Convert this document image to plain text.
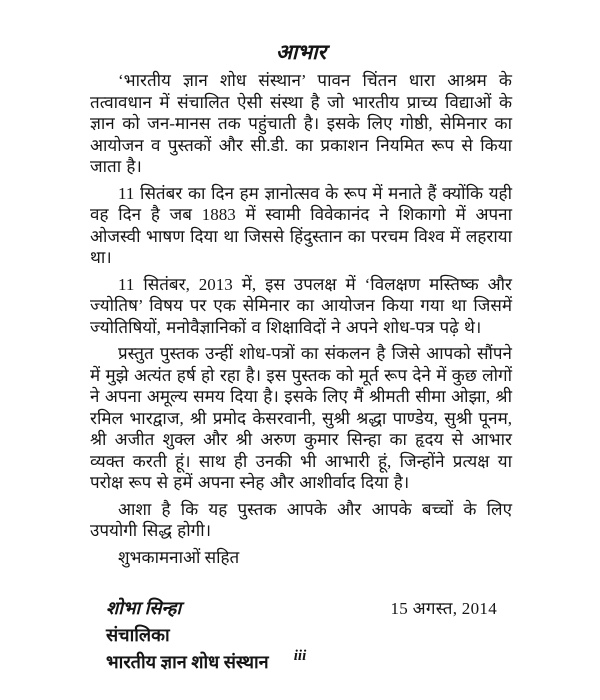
आभार

‘भारतीय ज्ञान शोध संस्थान’ पावन चिंतन धारा आश्रम के तत्वावधान में संचालित ऐसी संस्था है जो भारतीय प्राच्य विद्याओं के ज्ञान को जन-मानस तक पहुंचाती है। इसके लिए गोष्ठी, सेमिनार का आयोजन व पुस्तकों और सी.डी. का प्रकाशन नियमित रूप से किया जाता है।

11 सितंबर का दिन हम ज्ञानोत्सव के रूप में मनाते हैं क्योंकि यही वह दिन है जब 1883 में स्वामी विवेकानंद ने शिकागो में अपना ओजस्वी भाषण दिया था जिससे हिंदुस्तान का परचम विश्व में लहराया था।

11 सितंबर, 2013 में, इस उपलक्ष में ‘विलक्षण मस्तिष्क और ज्योतिष’ विषय पर एक सेमिनार का आयोजन किया गया था जिसमें ज्योतिषियों, मनोवैज्ञानिकों व शिक्षाविदों ने अपने शोध-पत्र पढ़े थे।

प्रस्तुत पुस्तक उन्हीं शोध-पत्रों का संकलन है जिसे आपको सौंपने में मुझे अत्यंत हर्ष हो रहा है। इस पुस्तक को मूर्त रूप देने में कुछ लोगों ने अपना अमूल्य समय दिया है। इसके लिए मैं श्रीमती सीमा ओझा, श्री रमिल भारद्वाज, श्री प्रमोद केसरवानी, सुश्री श्रद्धा पाण्डेय, सुश्री पूनम, श्री अजीत शुक्ल और श्री अरुण कुमार सिन्हा का हृदय से आभार व्यक्त करती हूं। साथ ही उनकी भी आभारी हूं, जिन्होंने प्रत्यक्ष या परोक्ष रूप से हमें अपना स्नेह और आशीर्वाद दिया है।

आशा है कि यह पुस्तक आपके और आपके बच्चों के लिए उपयोगी सिद्ध होगी।

शुभकामनाओं सहित

शोभा सिन्हा	15 अगस्त, 2014
संचालिका
भारतीय ज्ञान शोध संस्थान	iii
